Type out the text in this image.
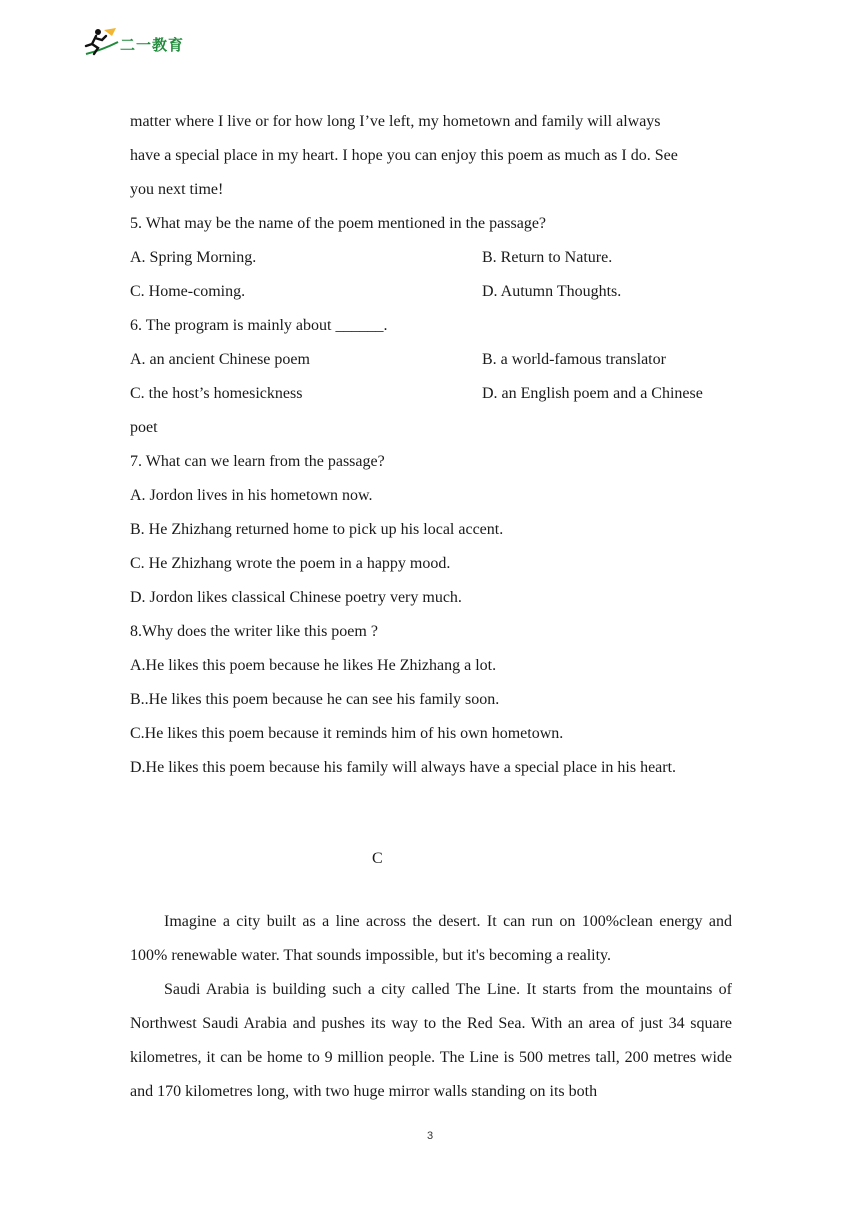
二一教育
matter where I live or for how long I’ve left, my hometown and family will always
have a special place in my heart. I hope you can enjoy this poem as much as I do. See
you next time!
5. What may be the name of the poem mentioned in the passage?
A. Spring Morning.	B. Return to Nature.
C. Home-coming.	D. Autumn Thoughts.
6. The program is mainly about ______.
A. an ancient Chinese poem	B. a world-famous translator
C. the host’s homesickness	D. an English poem and a Chinese
poet
7. What can we learn from the passage?
A. Jordon lives in his hometown now.
B. He Zhizhang returned home to pick up his local accent.
C. He Zhizhang wrote the poem in a happy mood.
D. Jordon likes classical Chinese poetry very much.
8.Why does the writer like this poem ?
A.He likes this poem because he likes He Zhizhang a lot.
B..He likes this poem because he can see his family soon.
C.He likes this poem because it reminds him of his own hometown.
D.He likes this poem because his family will always have a special place in his heart.
C

Imagine a city built as a line across the desert. It can run on 100%clean energy and 100% renewable water. That sounds impossible, but it's becoming a reality.

Saudi Arabia is building such a city called The Line. It starts from the mountains of Northwest Saudi Arabia and pushes its way to the Red Sea. With an area of just 34 square kilometres, it can be home to 9 million people. The Line is 500 metres tall, 200 metres wide and 170 kilometres long, with two huge mirror walls standing on its both

3
